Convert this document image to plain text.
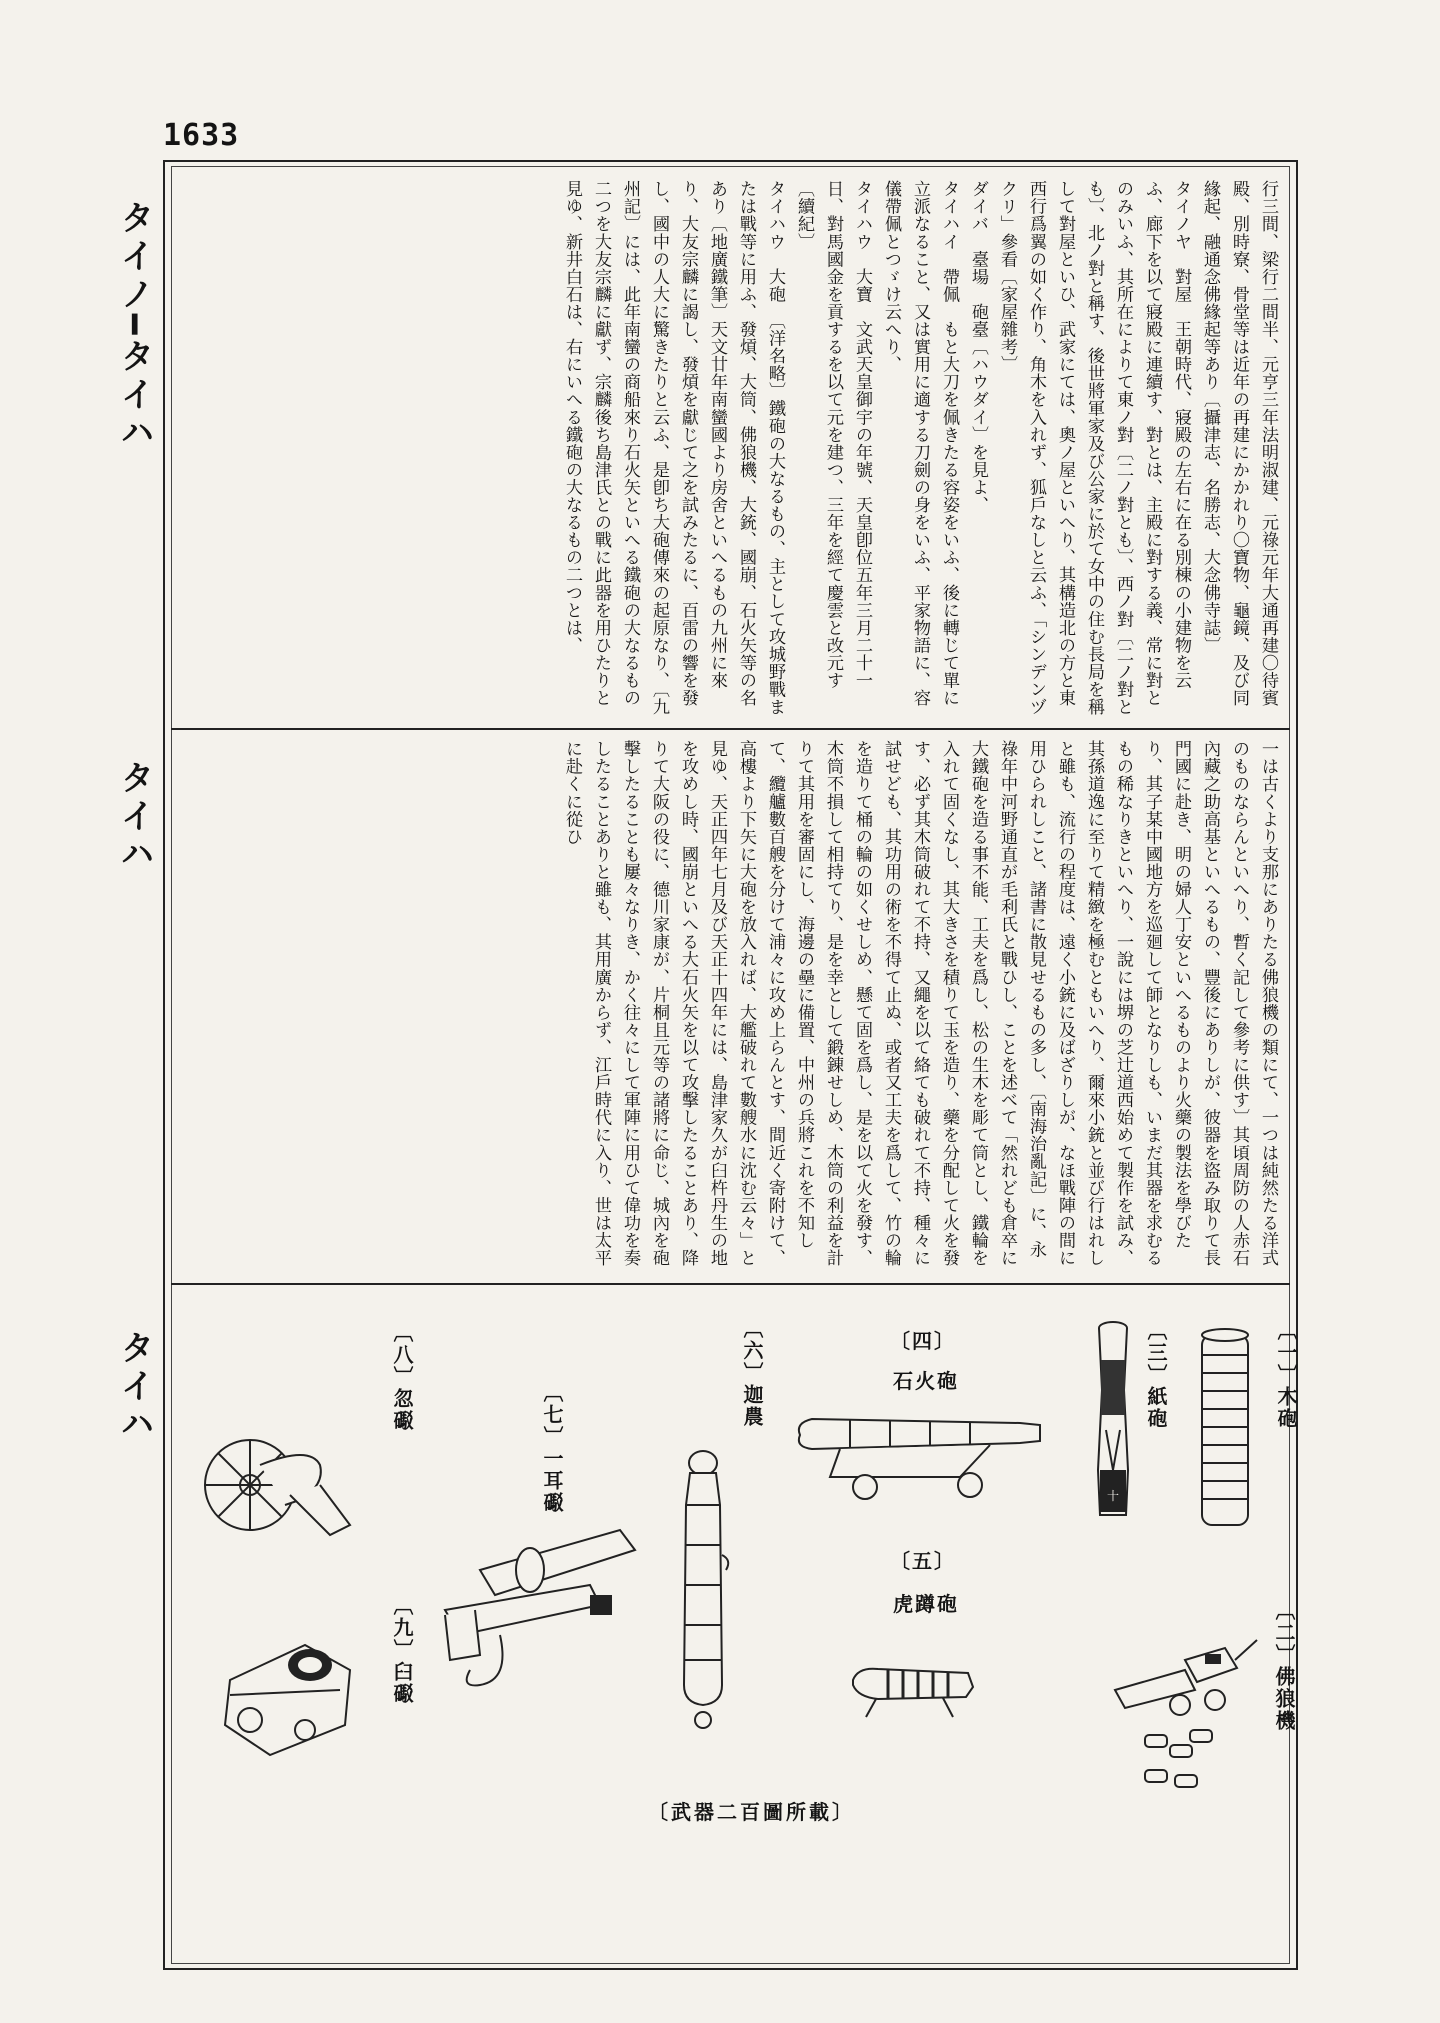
1633
タイノ━タイハ
タイハ
タイハ

行三間、梁行二間半、元亨三年法明淑建、元祿元年大通再建〇待賓殿、別時寮、骨堂等は近年の再建にかかれり〇寶物、龜鏡、及び同緣起、融通念佛緣起等あり〔攝津志、名勝志、大念佛寺誌〕

タイノヤ　對屋　王朝時代、寢殿の左右に在る別棟の小建物を云ふ、廊下を以て寢殿に連續す、對とは、主殿に對する義、常に對とのみいふ、其所在によりて東ノ對〔二ノ對とも〕、西ノ對〔二ノ對とも〕、北ノ對と稱す、後世將軍家及び公家に於て女中の住む長局を稱して對屋といひ、武家にては、奧ノ屋といへり、其構造北の方と東西行爲翼の如く作り、角木を入れず、狐戶なしと云ふ、「シンデンヅクリ」參看〔家屋雜考〕

ダイバ　臺場　砲臺〔ハウダイ〕を見よ、

タイハイ　帶佩　もと大刀を佩きたる容姿をいふ、後に轉じて單に立派なること、又は實用に適する刀劍の身をいふ、平家物語に、容儀帶佩とつゞけ云へり、

タイハウ　大寶　文武天皇御宇の年號、天皇卽位五年三月二十一日、對馬國金を貢するを以て元を建つ、三年を經て慶雲と改元す〔續紀〕

タイハウ　大砲　〔洋名略〕鐵砲の大なるもの、主として攻城野戰または戰等に用ふ、發熕、大筒、佛狼機、大銃、國崩、石火矢等の名あり〔地廣鐵筆〕天文廿年南蠻國より房舍といへるもの九州に來り、大友宗麟に謁し、發熕を獻じて之を試みたるに、百雷の響を發し、國中の人大に驚きたりと云ふ、是卽ち大砲傳來の起原なり、〔九州記〕には、此年南蠻の商船來り石火矢といへる鐵砲の大なるもの二つを大友宗麟に獻ず、宗麟後ち島津氏との戰に此器を用ひたりと見ゆ、新井白石は、右にいへる鐵砲の大なるもの二つとは、

一は古くより支那にありたる佛狼機の類にて、一つは純然たる洋式のものならんといへり、暫く記して參考に供す〕其頃周防の人赤石內藏之助高基といへるもの、豐後にありしが、彼器を盜み取りて長門國に赴き、明の婦人丁安といへるものより火藥の製法を學びたり、其子某中國地方を巡廻して師となりしも、いまだ其器を求むるもの稀なりきといへり、一說には堺の芝辻道西始めて製作を試み、其孫道逸に至りて精緻を極むともいへり、爾來小銃と並び行はれしと雖も、流行の程度は、遠く小銃に及ばざりしが、なほ戰陣の間に用ひられしこと、諸書に散見せるもの多し、〔南海治亂記〕に、永祿年中河野通直が毛利氏と戰ひし、ことを述べて「然れども倉卒に大鐵砲を造る事不能、工夫を爲し、松の生木を彫て筒とし、鐵輪を入れて固くなし、其大きさを積りて玉を造り、藥を分配して火を發す、必ず其木筒破れて不持、又繩を以て絡ても破れて不持、種々に試せども、其功用の術を不得て止ぬ、或者又工夫を爲して、竹の輪を造りて桶の輪の如くせしめ、懸て固を爲し、是を以て火を發す、木筒不損して相持てり、是を幸として鍛錬せしめ、木筒の利益を計りて其用を審固にし、海邊の壘に備置、中州の兵將これを不知して、纜艫數百艘を分けて浦々に攻め上らんとす、間近く寄附けて、高樓より下矢に大砲を放入れば、大艦破れて數艘水に沈む云々」と見ゆ、天正四年七月及び天正十四年には、島津家久が臼杵丹生の地を攻めし時、國崩といへる大石火矢を以て攻擊したることあり、降りて大阪の役に、德川家康が、片桐且元等の諸將に命じ、城內を砲擊したることも屢々なりき、かく往々にして軍陣に用ひて偉功を奏したることありと雖も、其用廣からず、江戶時代に入り、世は太平に赴くに從ひ

〔一〕木砲
〔三〕紙砲
十
〔二〕佛狼機
〔四〕
石火砲
〔五〕
虎蹲砲
〔六〕迦農
〔七〕一耳礟
〔八〕忽礟
〔九〕臼礟
〔武器二百圖所載〕
